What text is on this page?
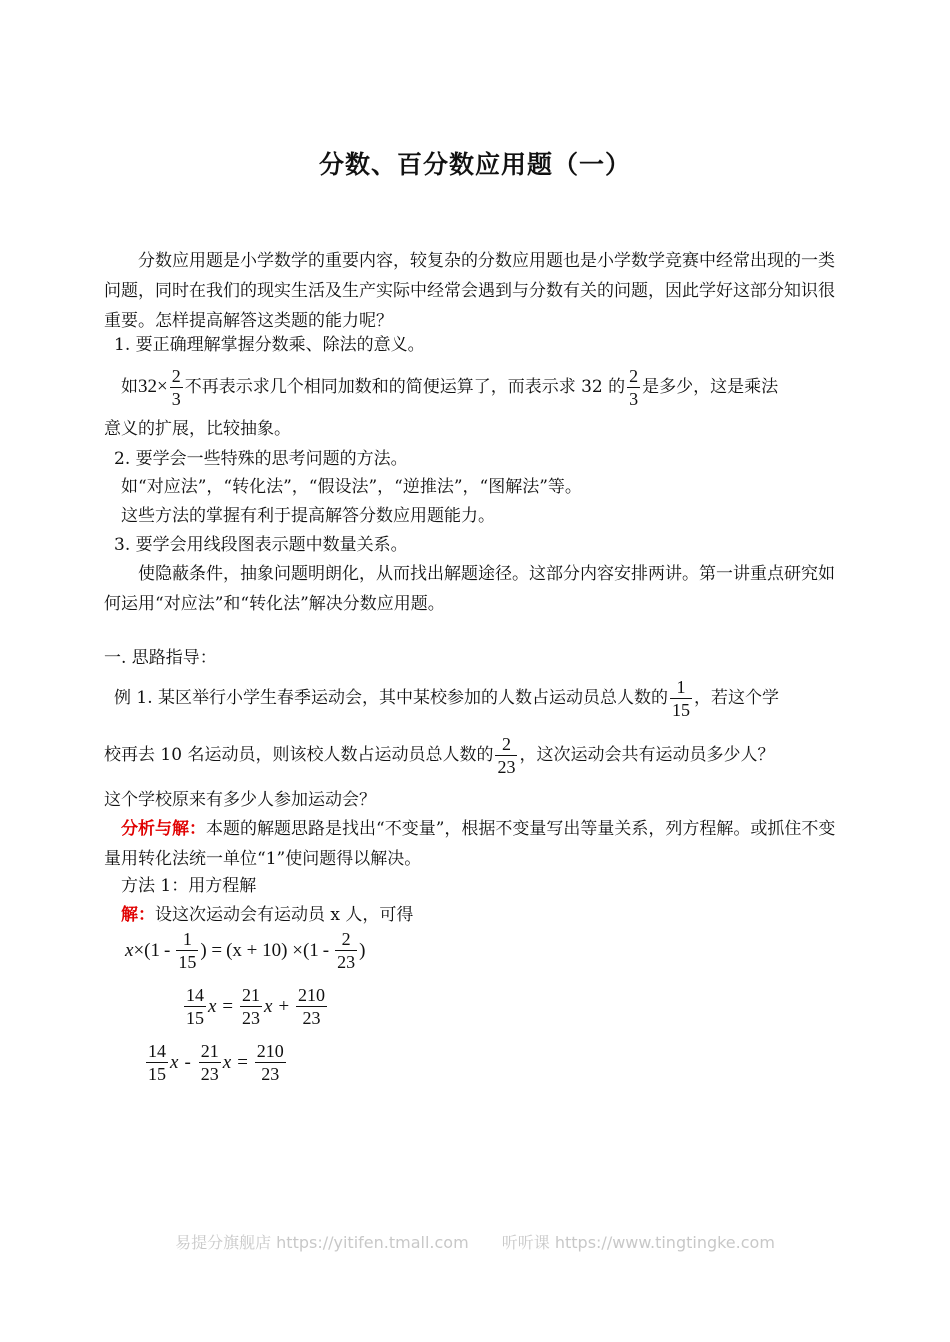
分数、百分数应用题（一）
分数应用题是小学数学的重要内容，较复杂的分数应用题也是小学数学竞赛中经常出现的一类问题，同时在我们的现实生活及生产实际中经常会遇到与分数有关的问题，因此学好这部分知识很重要。怎样提高解答这类题的能力呢？
1. 要正确理解掌握分数乘、除法的意义。
如 $32 \times \frac{2}{3}$ 不再表示求几个相同加数和的简便运算了，而表示求 32 的 $\frac{2}{3}$ 是多少，这是乘法
意义的扩展，比较抽象。
2. 要学会一些特殊的思考问题的方法。
如“对应法”，“转化法”，“假设法”，“逆推法”，“图解法”等。
这些方法的掌握有利于提高解答分数应用题能力。
3. 要学会用线段图表示题中数量关系。
使隐蔽条件，抽象问题明朗化，从而找出解题途径。这部分内容安排两讲。第一讲重点研究如何运用“对应法”和“转化法”解决分数应用题。
一. 思路指导：
例 1. 某区举行小学生春季运动会，其中某校参加的人数占运动员总人数的 $\frac{1}{15}$ ，若这个学
校再去 10 名运动员，则该校人数占运动员总人数的 $\frac{2}{23}$ ，这次运动会共有运动员多少人？
这个学校原来有多少人参加运动会？
分析与解：本题的解题思路是找出“不变量”，根据不变量写出等量关系，列方程解。或抓住不变量用转化法统一单位“1”使问题得以解决。
方法 1：用方程解
解：设这次运动会有运动员 x 人，可得
$x \times (1 - \frac{1}{15}$ ) = $(x + 10) \times(1 - \frac{2}{23}$ )
$\frac{14}{15}$ $x = \frac{21}{23}$ $x + \frac{210}{23}$
$\frac{14}{15}$ x - $\frac{21}{23}$ $x = \frac{210}{23}$
易提分旗舰店 https://yitifen.tmall.com 听听课 https://www.tingtingke.com
